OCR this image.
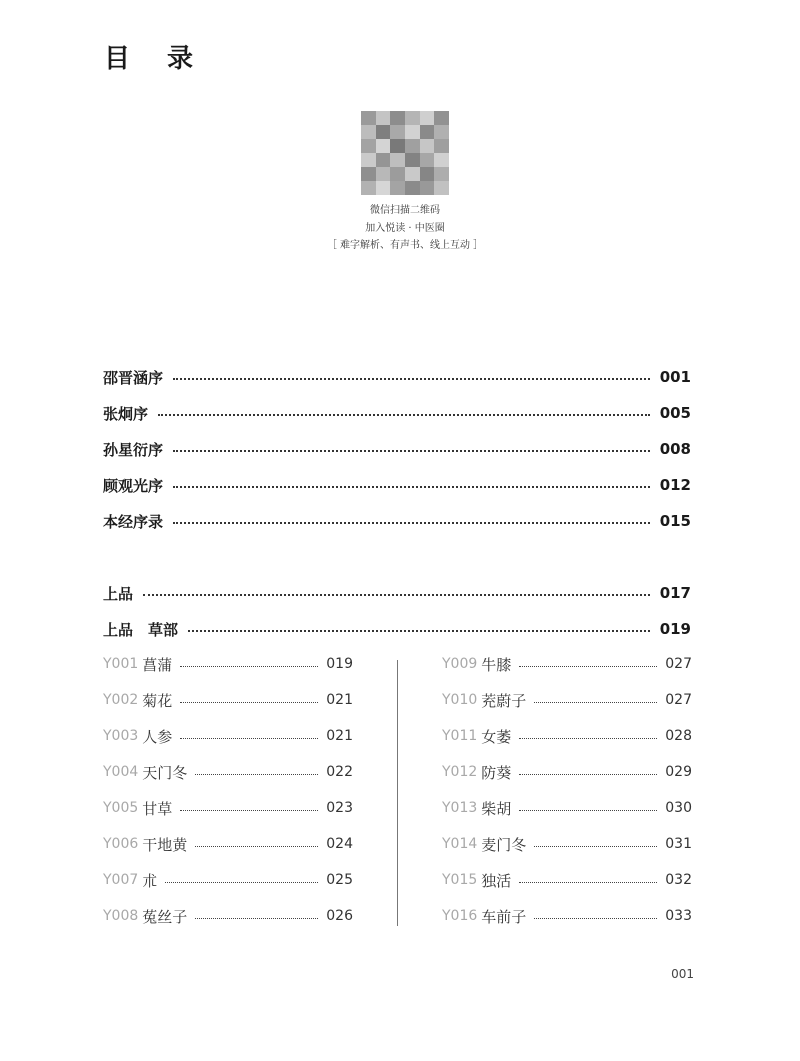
目 录
微信扫描二维码
加入悦读 · 中医圈
［ 难字解析、有声书、线上互动 ］
邵晋涵序	001
张炯序	005
孙星衍序	008
顾观光序	012
本经序录	015
上品	017
上品　草部	019
Y001 菖蒲	019
Y002 菊花	021
Y003 人参	021
Y004 天门冬	022
Y005 甘草	023
Y006 干地黄	024
Y007 朮	025
Y008 菟丝子	026
Y009 牛膝	027
Y010 茺蔚子	027
Y011 女萎	028
Y012 防葵	029
Y013 柴胡	030
Y014 麦门冬	031
Y015 独活	032
Y016 车前子	033
001
